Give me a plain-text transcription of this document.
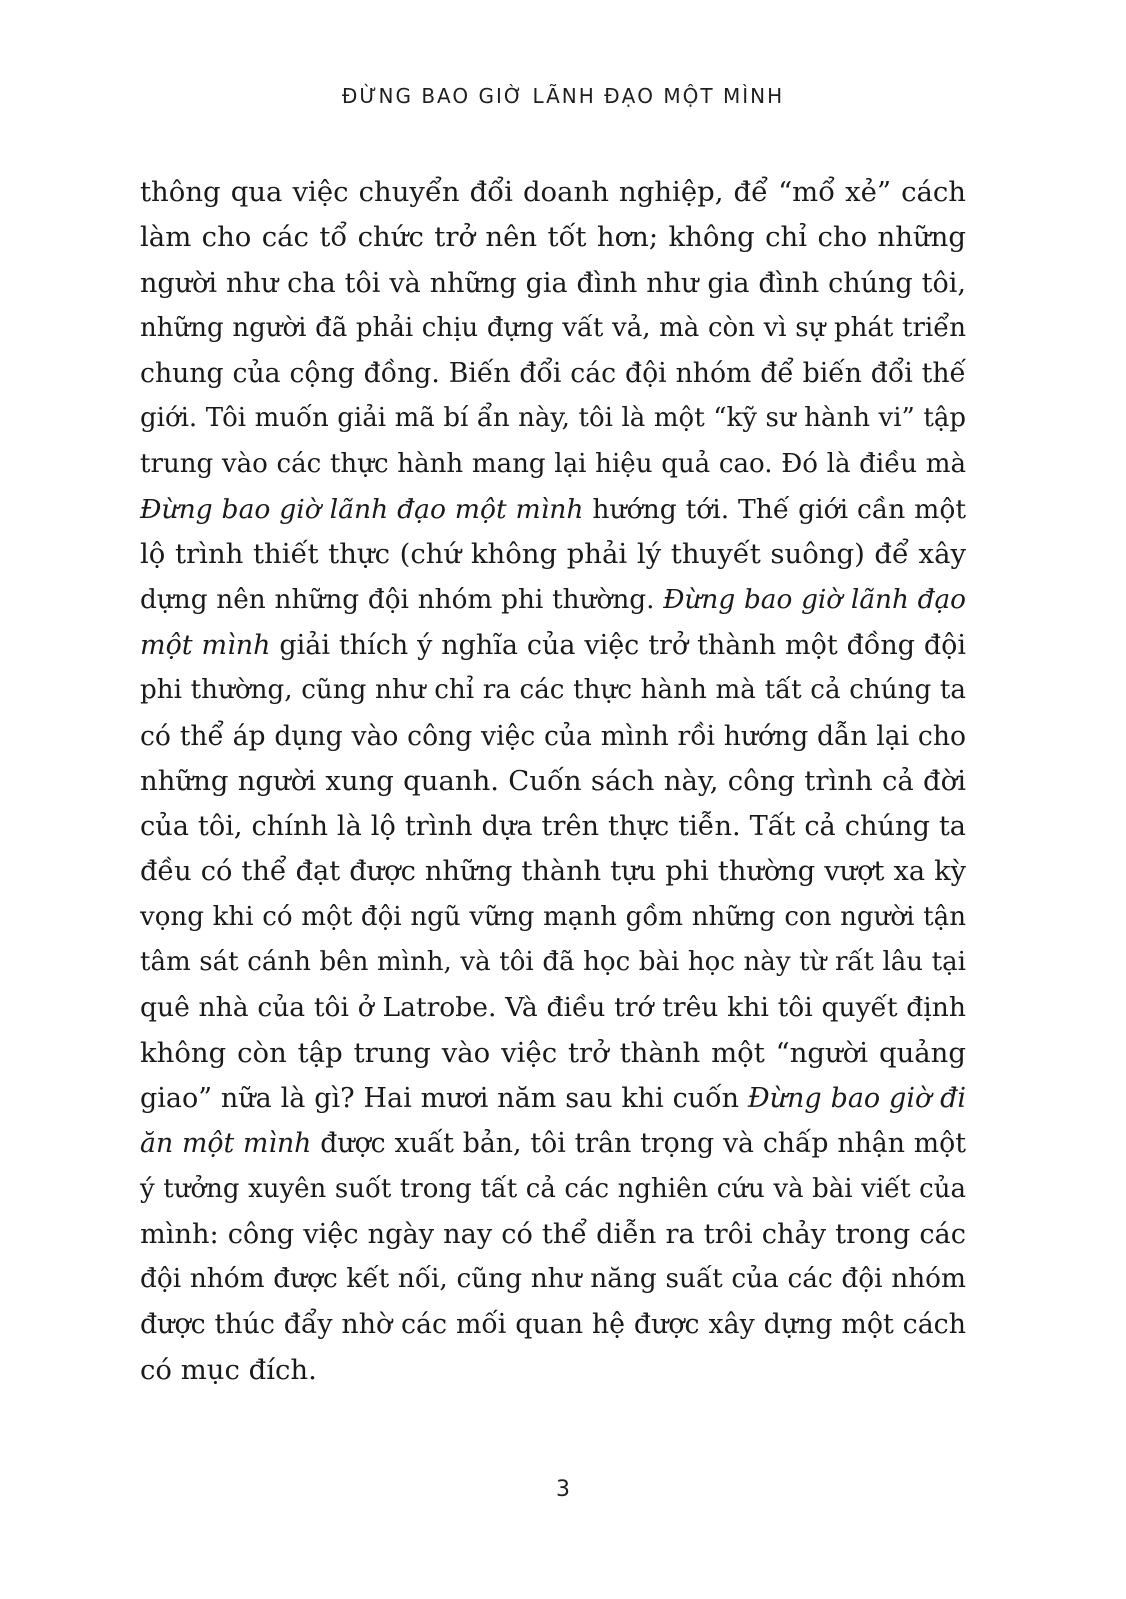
ĐỪNG BAO GIỜ LÃNH ĐẠO MỘT MÌNH
thông qua việc chuyển đổi doanh nghiệp, để “mổ xẻ” cách
làm cho các tổ chức trở nên tốt hơn; không chỉ cho những
người như cha tôi và những gia đình như gia đình chúng tôi,
những người đã phải chịu đựng vất vả, mà còn vì sự phát triển
chung của cộng đồng. Biến đổi các đội nhóm để biến đổi thế
giới. Tôi muốn giải mã bí ẩn này, tôi là một “kỹ sư hành vi” tập
trung vào các thực hành mang lại hiệu quả cao. Đó là điều mà
Đừng bao giờ lãnh đạo một mình hướng tới. Thế giới cần một
lộ trình thiết thực (chứ không phải lý thuyết suông) để xây
dựng nên những đội nhóm phi thường. Đừng bao giờ lãnh đạo
một mình giải thích ý nghĩa của việc trở thành một đồng đội
phi thường, cũng như chỉ ra các thực hành mà tất cả chúng ta
có thể áp dụng vào công việc của mình rồi hướng dẫn lại cho
những người xung quanh. Cuốn sách này, công trình cả đời
của tôi, chính là lộ trình dựa trên thực tiễn. Tất cả chúng ta
đều có thể đạt được những thành tựu phi thường vượt xa kỳ
vọng khi có một đội ngũ vững mạnh gồm những con người tận
tâm sát cánh bên mình, và tôi đã học bài học này từ rất lâu tại
quê nhà của tôi ở Latrobe. Và điều trớ trêu khi tôi quyết định
không còn tập trung vào việc trở thành một “người quảng
giao” nữa là gì? Hai mươi năm sau khi cuốn Đừng bao giờ đi
ăn một mình được xuất bản, tôi trân trọng và chấp nhận một
ý tưởng xuyên suốt trong tất cả các nghiên cứu và bài viết của
mình: công việc ngày nay có thể diễn ra trôi chảy trong các
đội nhóm được kết nối, cũng như năng suất của các đội nhóm
được thúc đẩy nhờ các mối quan hệ được xây dựng một cách
có mục đích.
3
